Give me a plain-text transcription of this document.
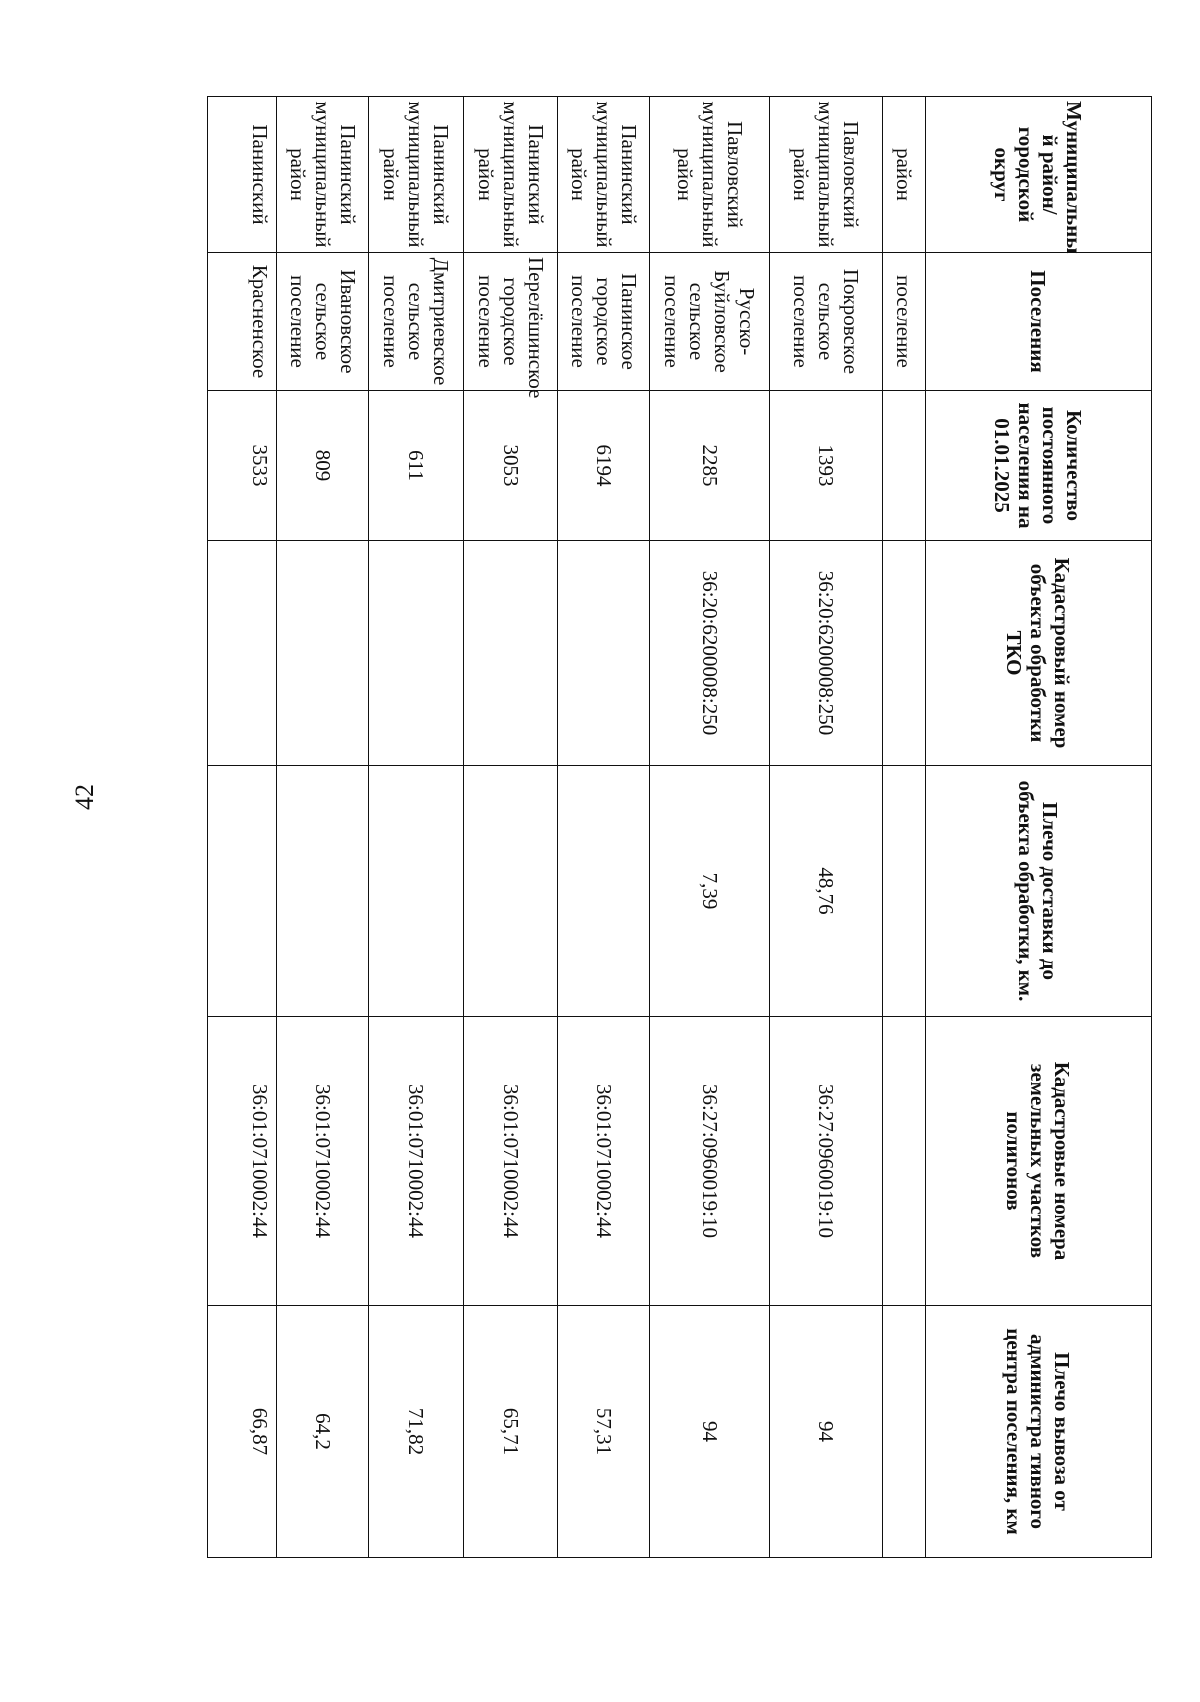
42
Муниципальны й район/ городской округ	Поселения	Количество постоянного населения на 01.01.2025	Кадастровый номер объекта обработки ТКО	Плечо доставки до объекта обработки, км.	Кадастровые номера земельных участков полигонов	Плечо вывоза от администра тивного центра поселения, км
район	поселение					
Павловский муниципальный район	Покровское сельское поселение	1393	36:20:6200008:250	48,76	36:27:0960019:10	94
Павловский муниципальный район	Русско-Буйловское сельское поселение	2285	36:20:6200008:250	7,39	36:27:0960019:10	94
Панинский муниципальный район	Панинское городское поселение	6194			36:01:0710002:44	57,31
Панинский муниципальный район	Перелёшинское городское поселение	3053			36:01:0710002:44	65,71
Панинский муниципальный район	Дмитриевское сельское поселение	611			36:01:0710002:44	71,82
Панинский муниципальный район	Ивановское сельское поселение	809			36:01:0710002:44	64,2
Панинский	Красненское	3533			36:01:0710002:44	66,87
